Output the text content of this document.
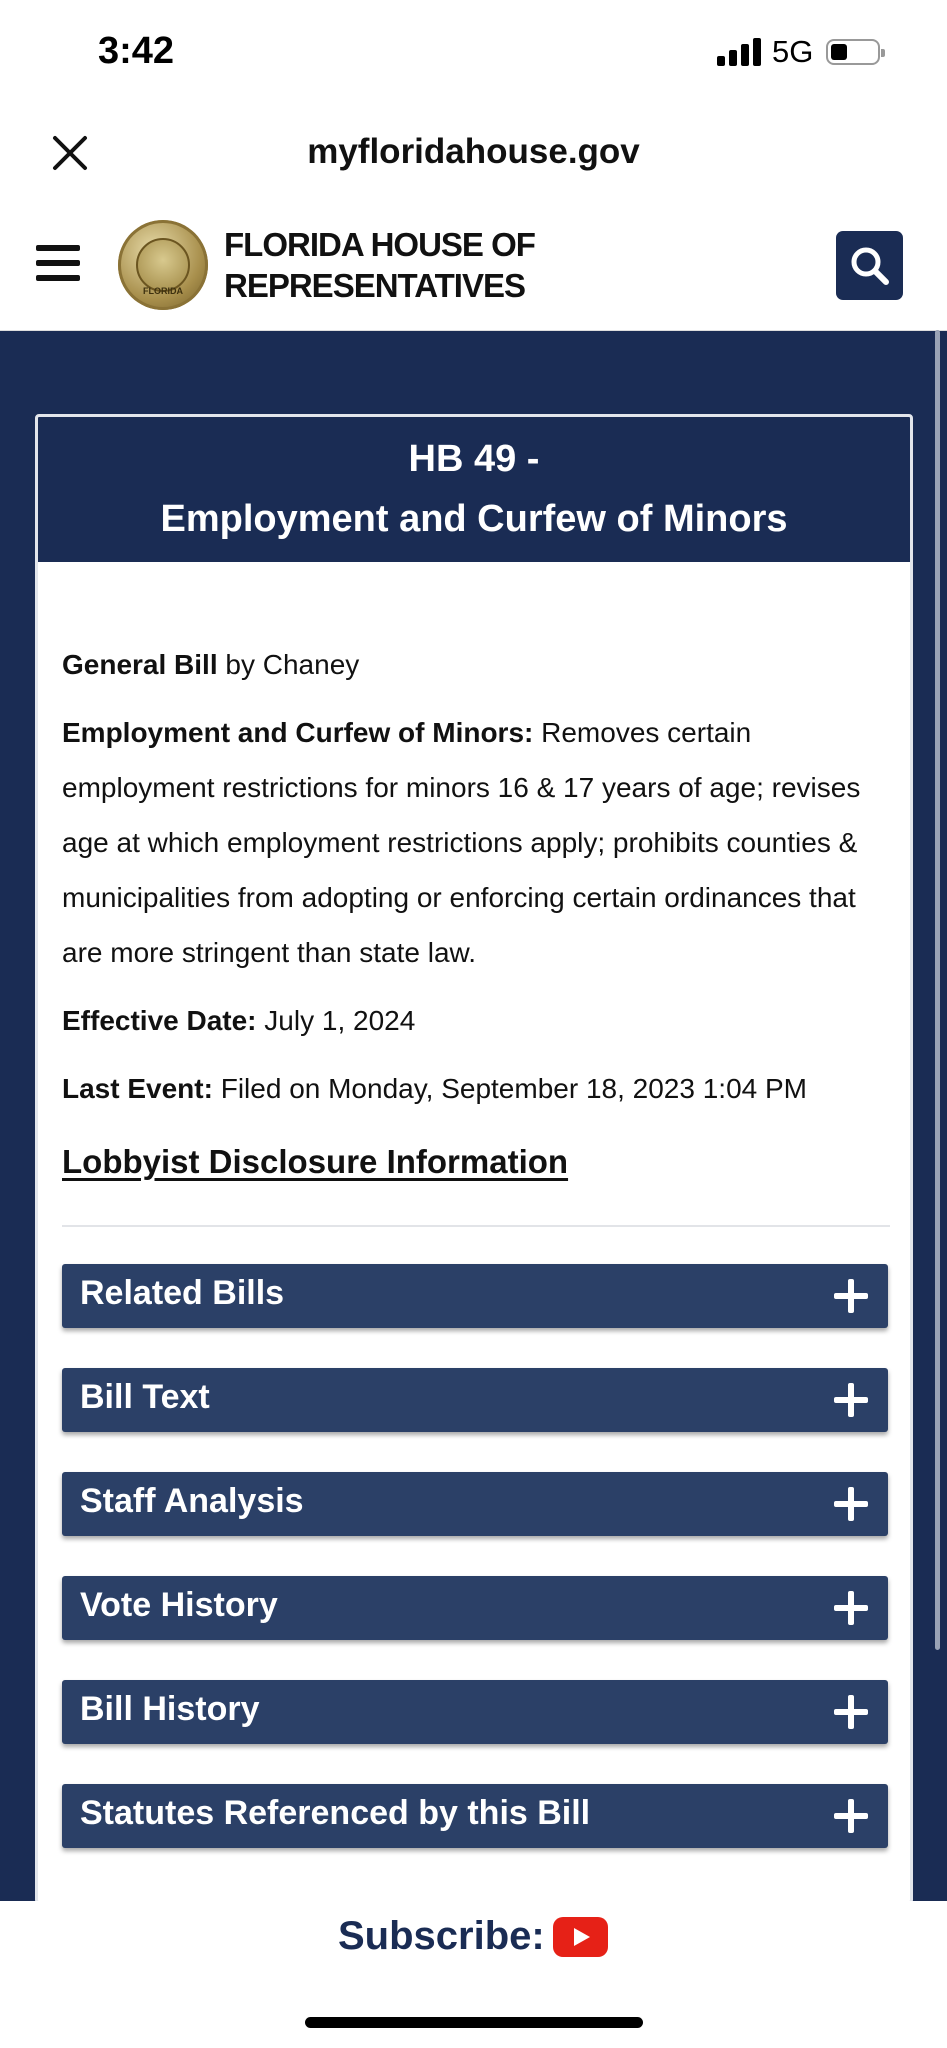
3:42	5G
myfloridahouse.gov
FLORIDA
FLORIDA HOUSE OF
REPRESENTATIVES
HB 49 -
Employment and Curfew of Minors

General Bill by Chaney

Employment and Curfew of Minors: Removes certain employment restrictions for minors 16 & 17 years of age; revises age at which employment restrictions apply; prohibits counties & municipalities from adopting or enforcing certain ordinances that are more stringent than state law.

Effective Date: July 1, 2024

Last Event: Filed on Monday, September 18, 2023 1:04 PM

Lobbyist Disclosure Information
Related Bills
Bill Text
Staff Analysis
Vote History
Bill History
Statutes Referenced by this Bill
Subscribe:
